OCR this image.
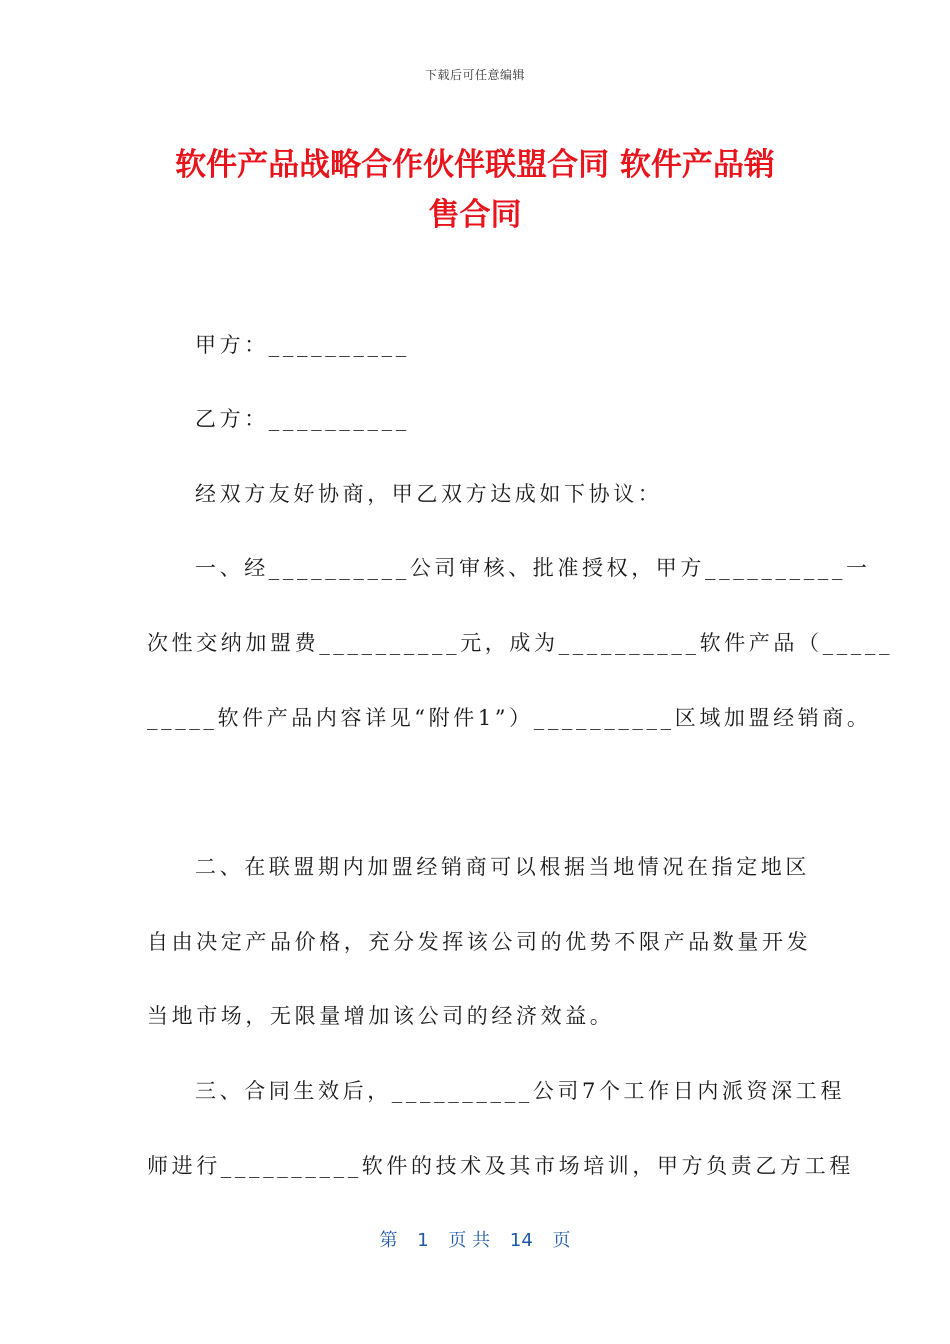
下载后可任意编辑
软件产品战略合作伙伴联盟合同 软件产品销
售合同
甲方：__________
乙方：__________
经双方友好协商，甲乙双方达成如下协议：
一、经__________公司审核、批准授权，甲方__________一
次性交纳加盟费__________元，成为__________软件产品（_____
_____软件产品内容详见“附件1”）__________区域加盟经销商。
二、在联盟期内加盟经销商可以根据当地情况在指定地区
自由决定产品价格，充分发挥该公司的优势不限产品数量开发
当地市场，无限量增加该公司的经济效益。
三、合同生效后，__________公司7个工作日内派资深工程
师进行__________软件的技术及其市场培训，甲方负责乙方工程
第 1 页 共 14 页
